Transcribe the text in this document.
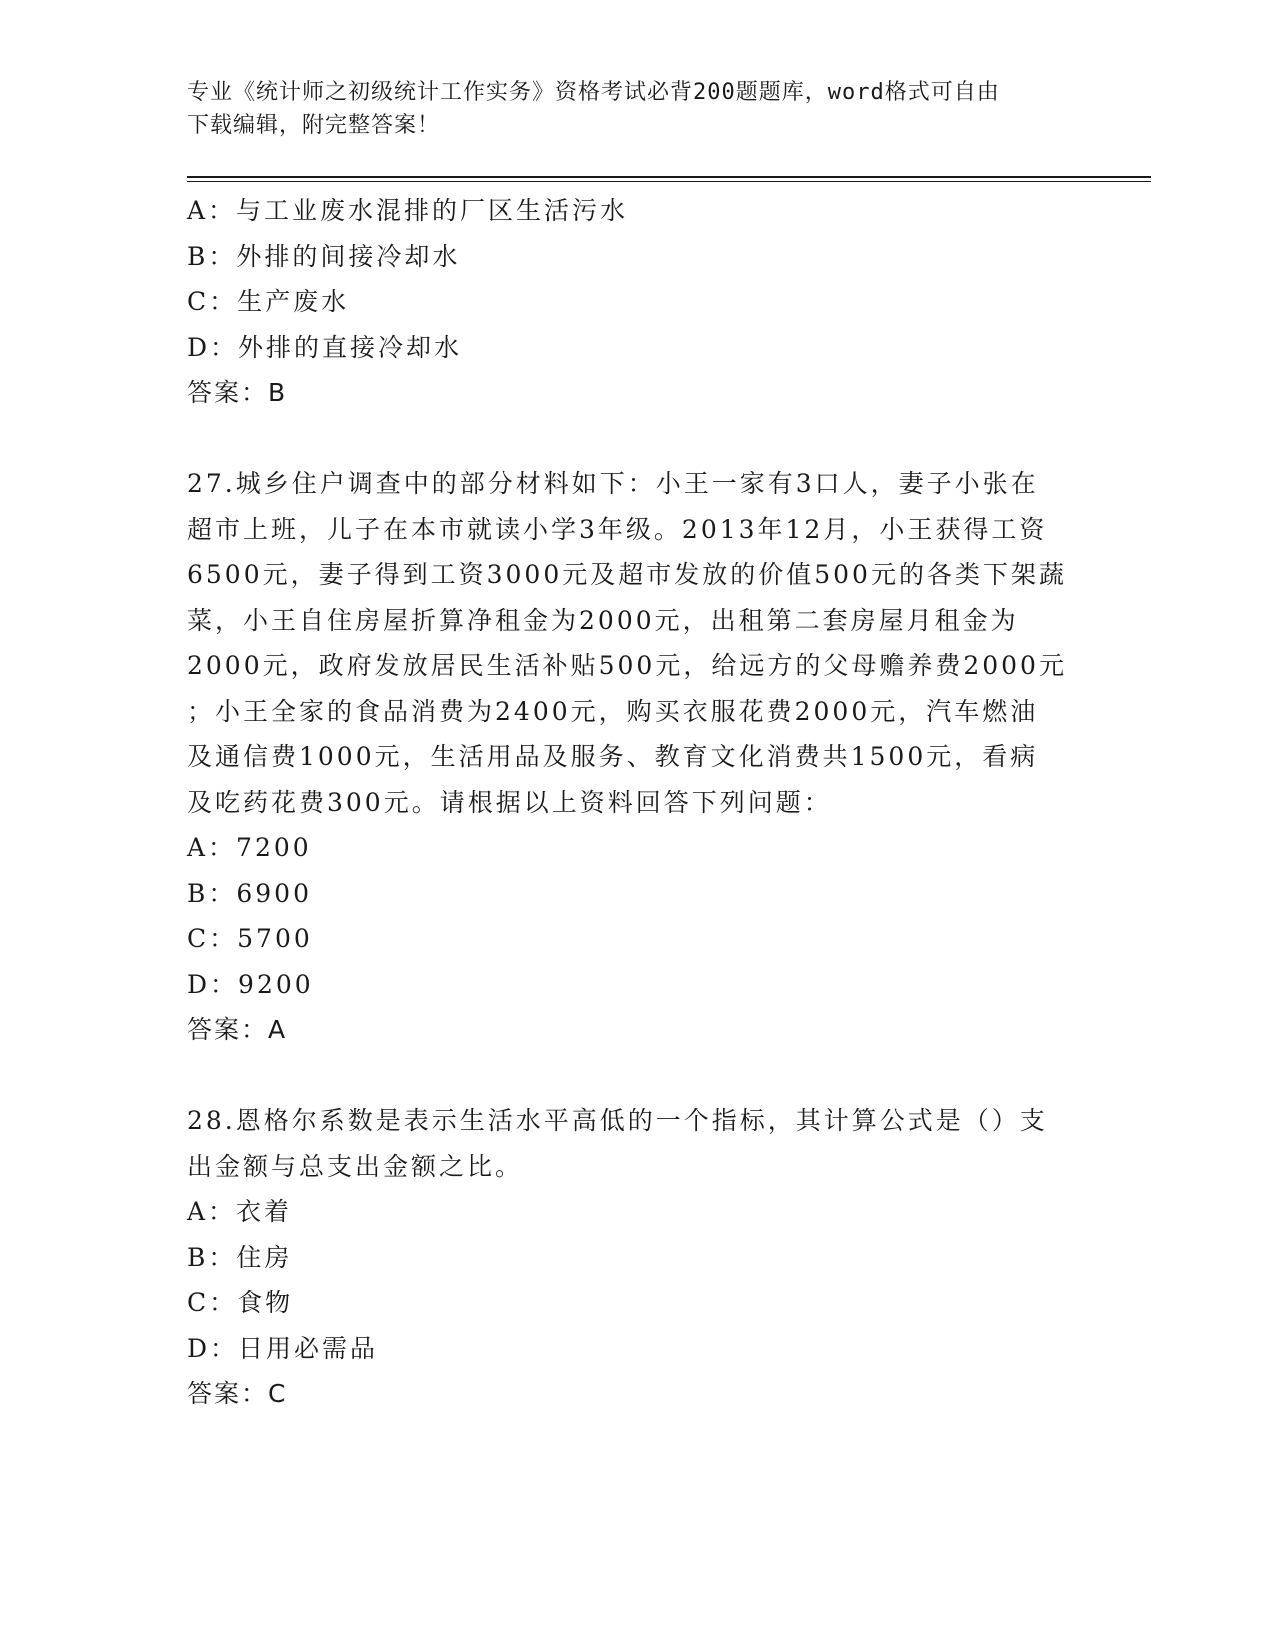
专业《统计师之初级统计工作实务》资格考试必背200题题库，word格式可自由
下载编辑，附完整答案！
A：与工业废水混排的厂区生活污水
B：外排的间接冷却水
C：生产废水
D：外排的直接冷却水
答案：B
27.城乡住户调查中的部分材料如下：小王一家有3口人，妻子小张在
超市上班，儿子在本市就读小学3年级。2013年12月，小王获得工资
6500元，妻子得到工资3000元及超市发放的价值500元的各类下架蔬
菜，小王自住房屋折算净租金为2000元，出租第二套房屋月租金为
2000元，政府发放居民生活补贴500元，给远方的父母赡养费2000元
；小王全家的食品消费为2400元，购买衣服花费2000元，汽车燃油
及通信费1000元，生活用品及服务、教育文化消费共1500元，看病
及吃药花费300元。请根据以上资料回答下列问题：
A：7200
B：6900
C：5700
D：9200
答案：A
28.恩格尔系数是表示生活水平高低的一个指标，其计算公式是（）支
出金额与总支出金额之比。
A：衣着
B：住房
C：食物
D：日用必需品
答案：C
